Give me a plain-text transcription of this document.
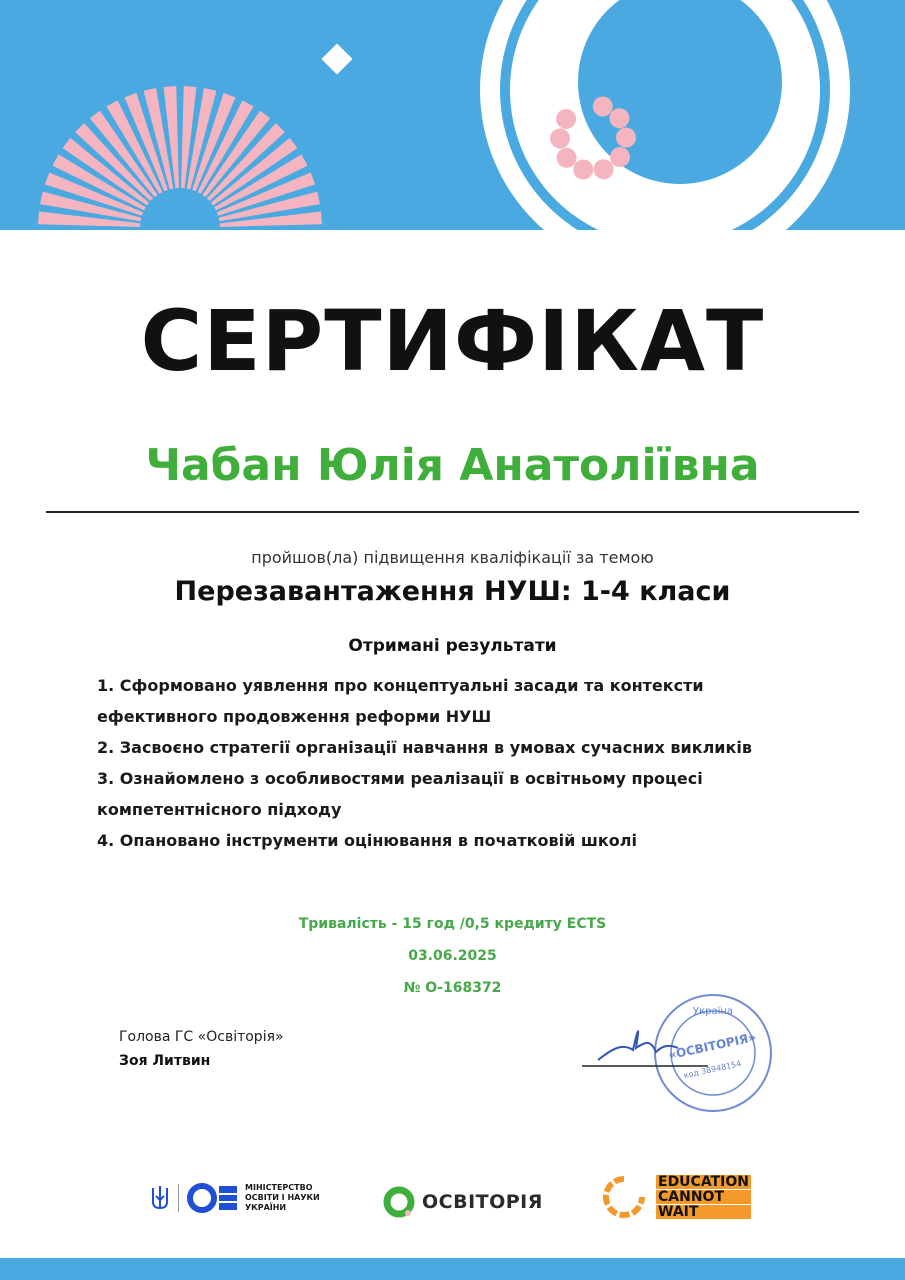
СЕРТИФІКАТ
Чабан Юлія Анатоліївна
пройшов(ла) підвищення кваліфікації за темою
Перезавантаження НУШ: 1-4 класи
Отримані результати
1. Сформовано уявлення про концептуальні засади та контексти
ефективного продовження реформи НУШ
2. Засвоєно стратегії організації навчання в умовах сучасних викликів
3. Ознайомлено з особливостями реалізації в освітньому процесі
компетентнісного підходу
4. Опановано інструменти оцінювання в початковій школі
Тривалість - 15 год /0,5 кредиту ECTS
03.06.2025
№ О-168372
Голова ГС «Освіторія»
Зоя Литвин
Україна
«ОСВІТОРІЯ»
код 38948154
МІНІСТЕРСТВО
ОСВІТИ І НАУКИ
УКРАЇНИ	ОСВІТОРІЯ
EDUCATION
CANNOT
WAIT
